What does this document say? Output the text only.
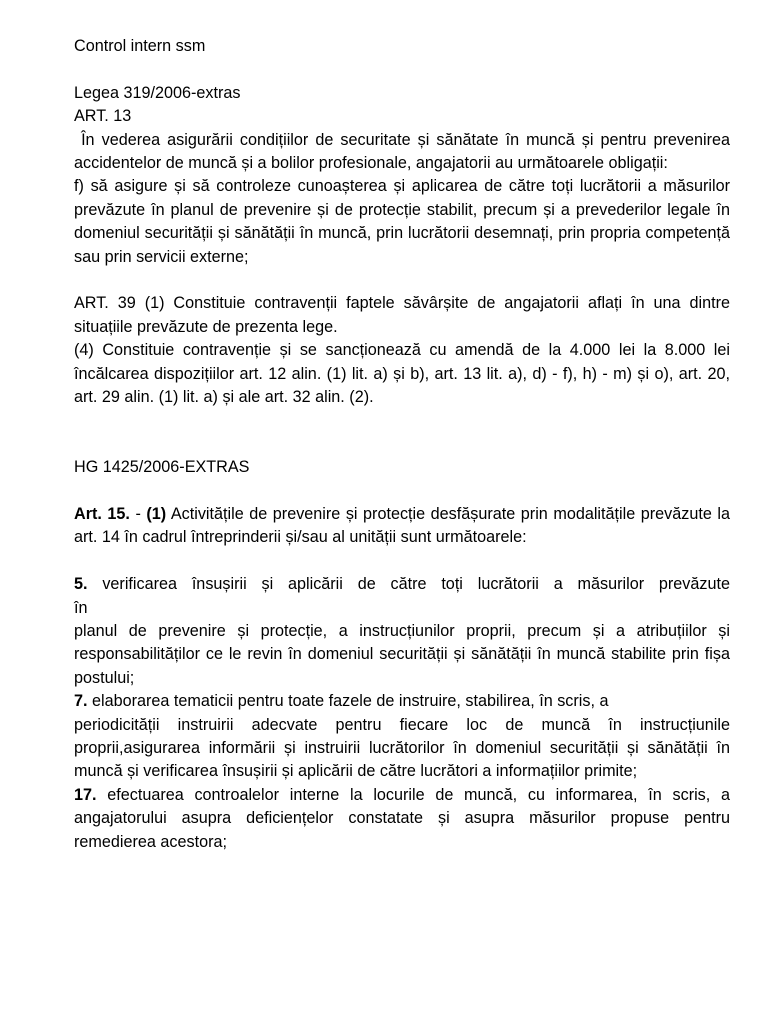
Control intern ssm
Legea 319/2006-extras
ART. 13

În vederea asigurării condițiilor de securitate și sănătate în muncă și pentru prevenirea accidentelor de muncă și a bolilor profesionale, angajatorii au următoarele obligații:

f) să asigure și să controleze cunoașterea și aplicarea de către toți lucrătorii a măsurilor prevăzute în planul de prevenire și de protecție stabilit, precum și a prevederilor legale în domeniul securității și sănătății în muncă, prin lucrătorii desemnați, prin propria competență sau prin servicii externe;

ART. 39 (1) Constituie contravenții faptele săvârșite de angajatorii aflați în una dintre situațiile prevăzute de prezenta lege.

(4) Constituie contravenție și se sancționează cu amendă de la 4.000 lei la 8.000 lei încălcarea dispozițiilor art. 12 alin. (1) lit. a) și b), art. 13 lit. a), d) - f), h) - m) și o), art. 20, art. 29 alin. (1) lit. a) și ale art. 32 alin. (2).

HG 1425/2006-EXTRAS

Art. 15. - (1) Activitățile de prevenire și protecție desfășurate prin modalitățile prevăzute la art. 14 în cadrul întreprinderii și/sau al unității sunt următoarele:

5. verificarea însușirii și aplicării de către toți lucrătorii a măsurilor prevăzute

în

planul de prevenire și protecție, a instrucțiunilor proprii, precum și a atribuțiilor și responsabilităților ce le revin în domeniul securității și sănătății în muncă stabilite prin fișa postului;

7. elaborarea tematicii pentru toate fazele de instruire, stabilirea, în scris, a

periodicității instruirii adecvate pentru fiecare loc de muncă în instrucțiunile proprii,asigurarea informării și instruirii lucrătorilor în domeniul securității și sănătății în muncă și verificarea însușirii și aplicării de către lucrători a informațiilor primite;

17. efectuarea controalelor interne la locurile de muncă, cu informarea, în scris, a angajatorului asupra deficiențelor constatate și asupra măsurilor propuse pentru remedierea acestora;
